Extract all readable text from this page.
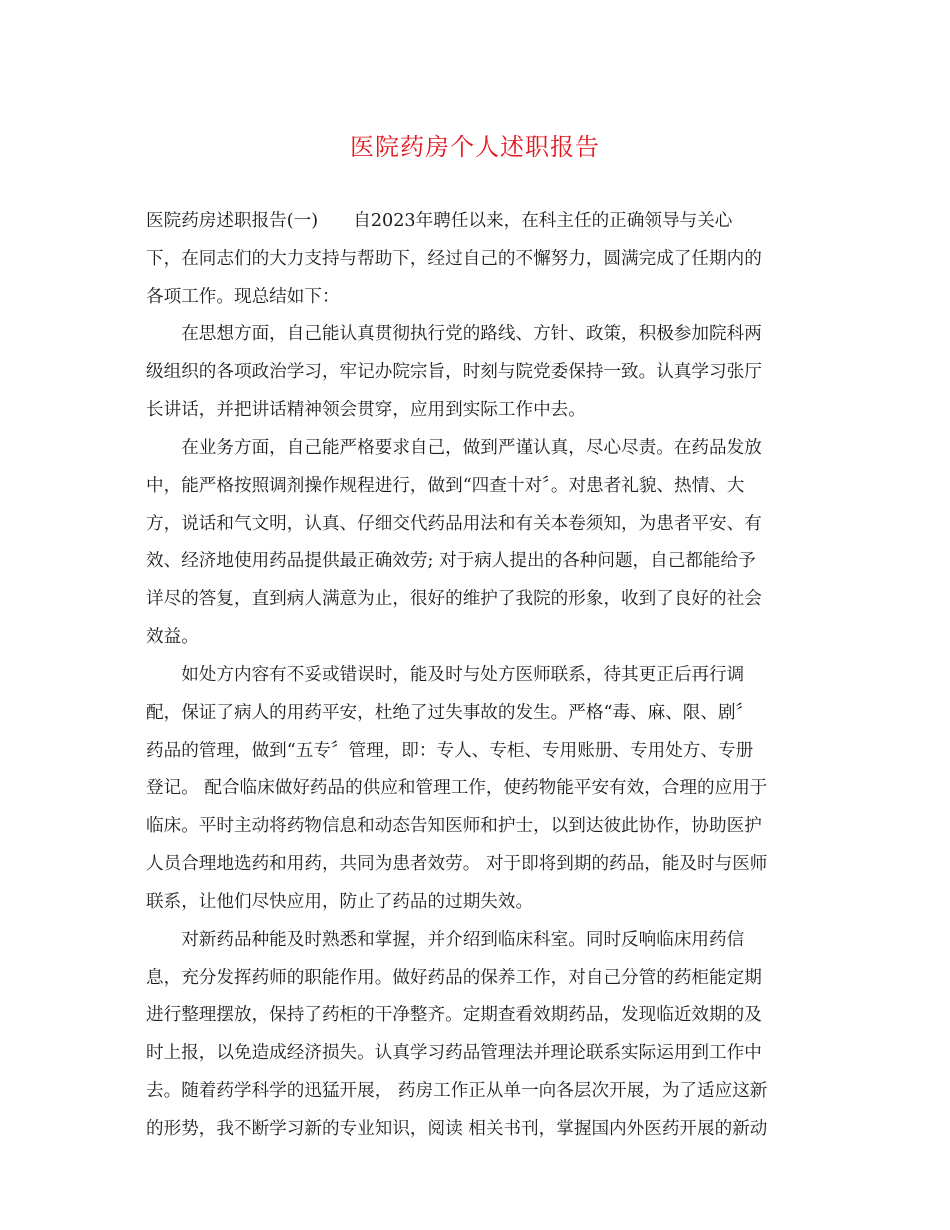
医院药房个人述职报告
医院药房述职报告(一)　　自2023年聘任以来，在科主任的正确领导与关心
下，在同志们的大力支持与帮助下，经过自己的不懈努力，圆满完成了任期内的
各项工作。现总结如下：
　　在思想方面，自己能认真贯彻执行党的路线、方针、政策，积极参加院科两
级组织的各项政治学习，牢记办院宗旨，时刻与院党委保持一致。认真学习张厅
长讲话，并把讲话精神领会贯穿，应用到实际工作中去。
　　在业务方面，自己能严格要求自己，做到严谨认真，尽心尽责。在药品发放
中，能严格按照调剂操作规程进行，做到“四查十对〞。对患者礼貌、热情、大
方，说话和气文明，认真、仔细交代药品用法和有关本卷须知，为患者平安、有
效、经济地使用药品提供最正确效劳; 对于病人提出的各种问题，自己都能给予
详尽的答复，直到病人满意为止，很好的维护了我院的形象，收到了良好的社会
效益。
　　如处方内容有不妥或错误时，能及时与处方医师联系，待其更正后再行调
配，保证了病人的用药平安，杜绝了过失事故的发生。严格“毒、麻、限、剧〞
药品的管理，做到“五专〞管理，即：专人、专柜、专用账册、专用处方、专册
登记。 配合临床做好药品的供应和管理工作，使药物能平安有效，合理的应用于
临床。平时主动将药物信息和动态告知医师和护士，以到达彼此协作，协助医护
人员合理地选药和用药，共同为患者效劳。 对于即将到期的药品，能及时与医师
联系，让他们尽快应用，防止了药品的过期失效。
　　对新药品种能及时熟悉和掌握，并介绍到临床科室。同时反响临床用药信
息，充分发挥药师的职能作用。做好药品的保养工作，对自己分管的药柜能定期
进行整理摆放，保持了药柜的干净整齐。定期查看效期药品，发现临近效期的及
时上报，以免造成经济损失。认真学习药品管理法并理论联系实际运用到工作中
去。随着药学科学的迅猛开展， 药房工作正从单一向各层次开展，为了适应这新
的形势，我不断学习新的专业知识，阅读 相关书刊，掌握国内外医药开展的新动
